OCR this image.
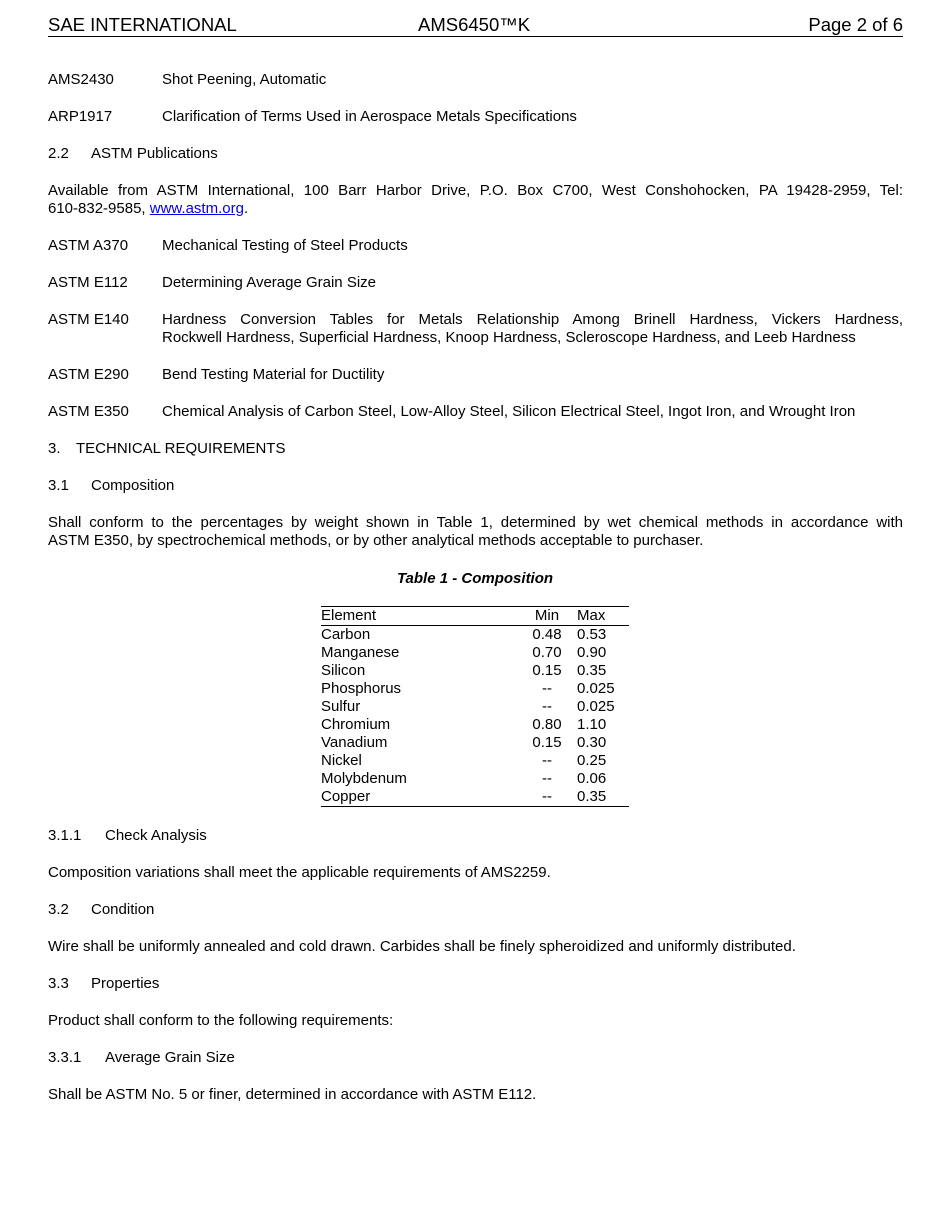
SAE INTERNATIONAL	AMS6450™K	Page 2 of 6
AMS2430	Shot Peening, Automatic
ARP1917	Clarification of Terms Used in Aerospace Metals Specifications
2.2 ASTM Publications
Available from ASTM International, 100 Barr Harbor Drive, P.O. Box C700, West Conshohocken, PA 19428-2959, Tel:
610-832-9585, www.astm.org.
ASTM A370 Mechanical Testing of Steel Products
ASTM E112 Determining Average Grain Size
ASTM E140 Hardness Conversion Tables for Metals Relationship Among Brinell Hardness, Vickers Hardness,
Rockwell Hardness, Superficial Hardness, Knoop Hardness, Scleroscope Hardness, and Leeb Hardness
ASTM E290 Bend Testing Material for Ductility
ASTM E350 Chemical Analysis of Carbon Steel, Low-Alloy Steel, Silicon Electrical Steel, Ingot Iron, and Wrought Iron
3. TECHNICAL REQUIREMENTS
3.1 Composition
Shall conform to the percentages by weight shown in Table 1, determined by wet chemical methods in accordance with
ASTM E350, by spectrochemical methods, or by other analytical methods acceptable to purchaser.
Table 1 - Composition
Element	Min	Max
Carbon	0.48	0.53
Manganese	0.70	0.90
Silicon	0.15	0.35
Phosphorus	--	0.025
Sulfur	--	0.025
Chromium	0.80	1.10
Vanadium	0.15	0.30
Nickel	--	0.25
Molybdenum	--	0.06
Copper	--	0.35
3.1.1 Check Analysis
Composition variations shall meet the applicable requirements of AMS2259.
3.2 Condition
Wire shall be uniformly annealed and cold drawn. Carbides shall be finely spheroidized and uniformly distributed.
3.3 Properties
Product shall conform to the following requirements:
3.3.1 Average Grain Size
Shall be ASTM No. 5 or finer, determined in accordance with ASTM E112.
